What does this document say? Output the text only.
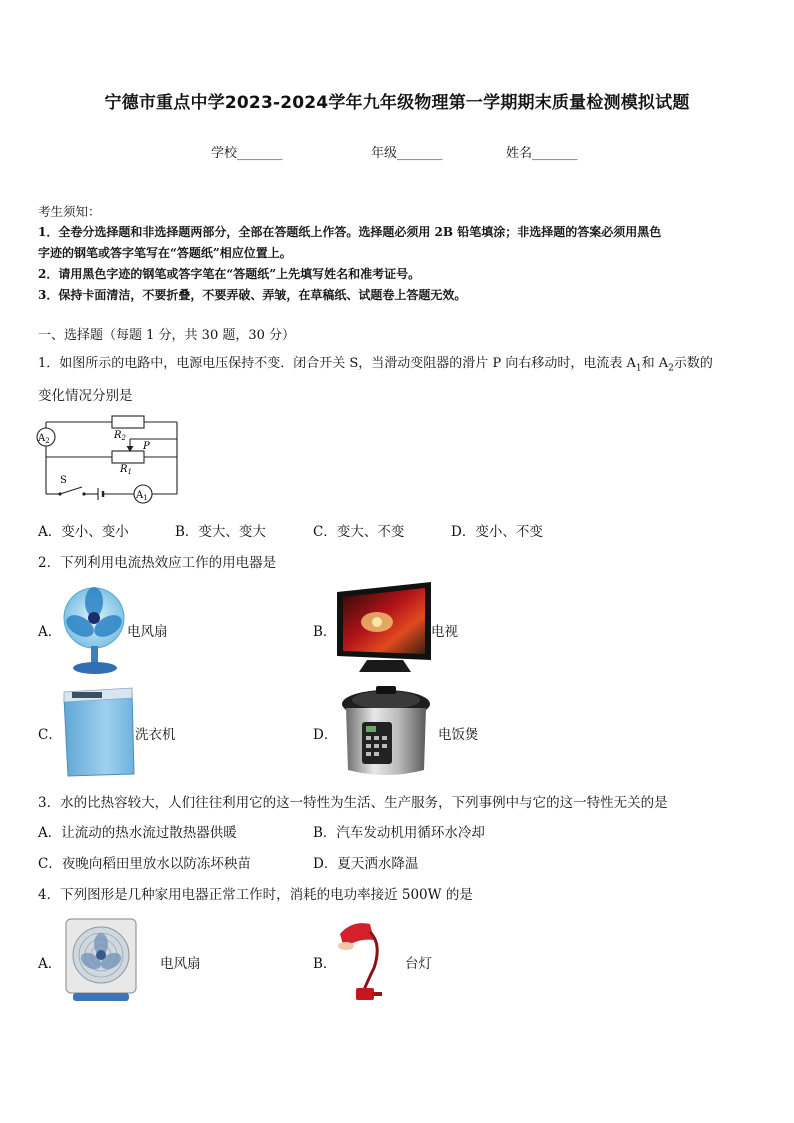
宁德市重点中学2023-2024学年九年级物理第一学期期末质量检测模拟试题
学校_______	年级_______	姓名_______
考生须知：
1．全卷分选择题和非选择题两部分，全部在答题纸上作答。选择题必须用 2B 铅笔填涂；非选择题的答案必须用黑色
字迹的钢笔或答字笔写在“答题纸”相应位置上。
2．请用黑色字迹的钢笔或答字笔在“答题纸”上先填写姓名和准考证号。
3．保持卡面清洁，不要折叠，不要弄破、弄皱，在草稿纸、试题卷上答题无效。
一、选择题（每题 1 分，共 30 题，30 分）
1．如图所示的电路中，电源电压保持不变．闭合开关 S，当滑动变阻器的滑片 P 向右移动时，电流表 $A_1$和 $A_2$示数的
变化情况分别是
$A_2$	$R_2$
P
$R_1$
S
$A_1$
A．变小、变小	B．变大、变大	C．变大、不变	D．变小、不变
2．下列利用电流热效应工作的用电器是
A．	电风扇	B．	电视
C．	洗衣机	D．	电饭煲
3．水的比热容较大，人们往往利用它的这一特性为生活、生产服务，下列事例中与它的这一特性无关的是
A．让流动的热水流过散热器供暖	B．汽车发动机用循环水冷却
C．夜晚向稻田里放水以防冻坏秧苗	D．夏天洒水降温
4．下列图形是几种家用电器正常工作时，消耗的电功率接近 500W 的是
A．	电风扇	B．	台灯
